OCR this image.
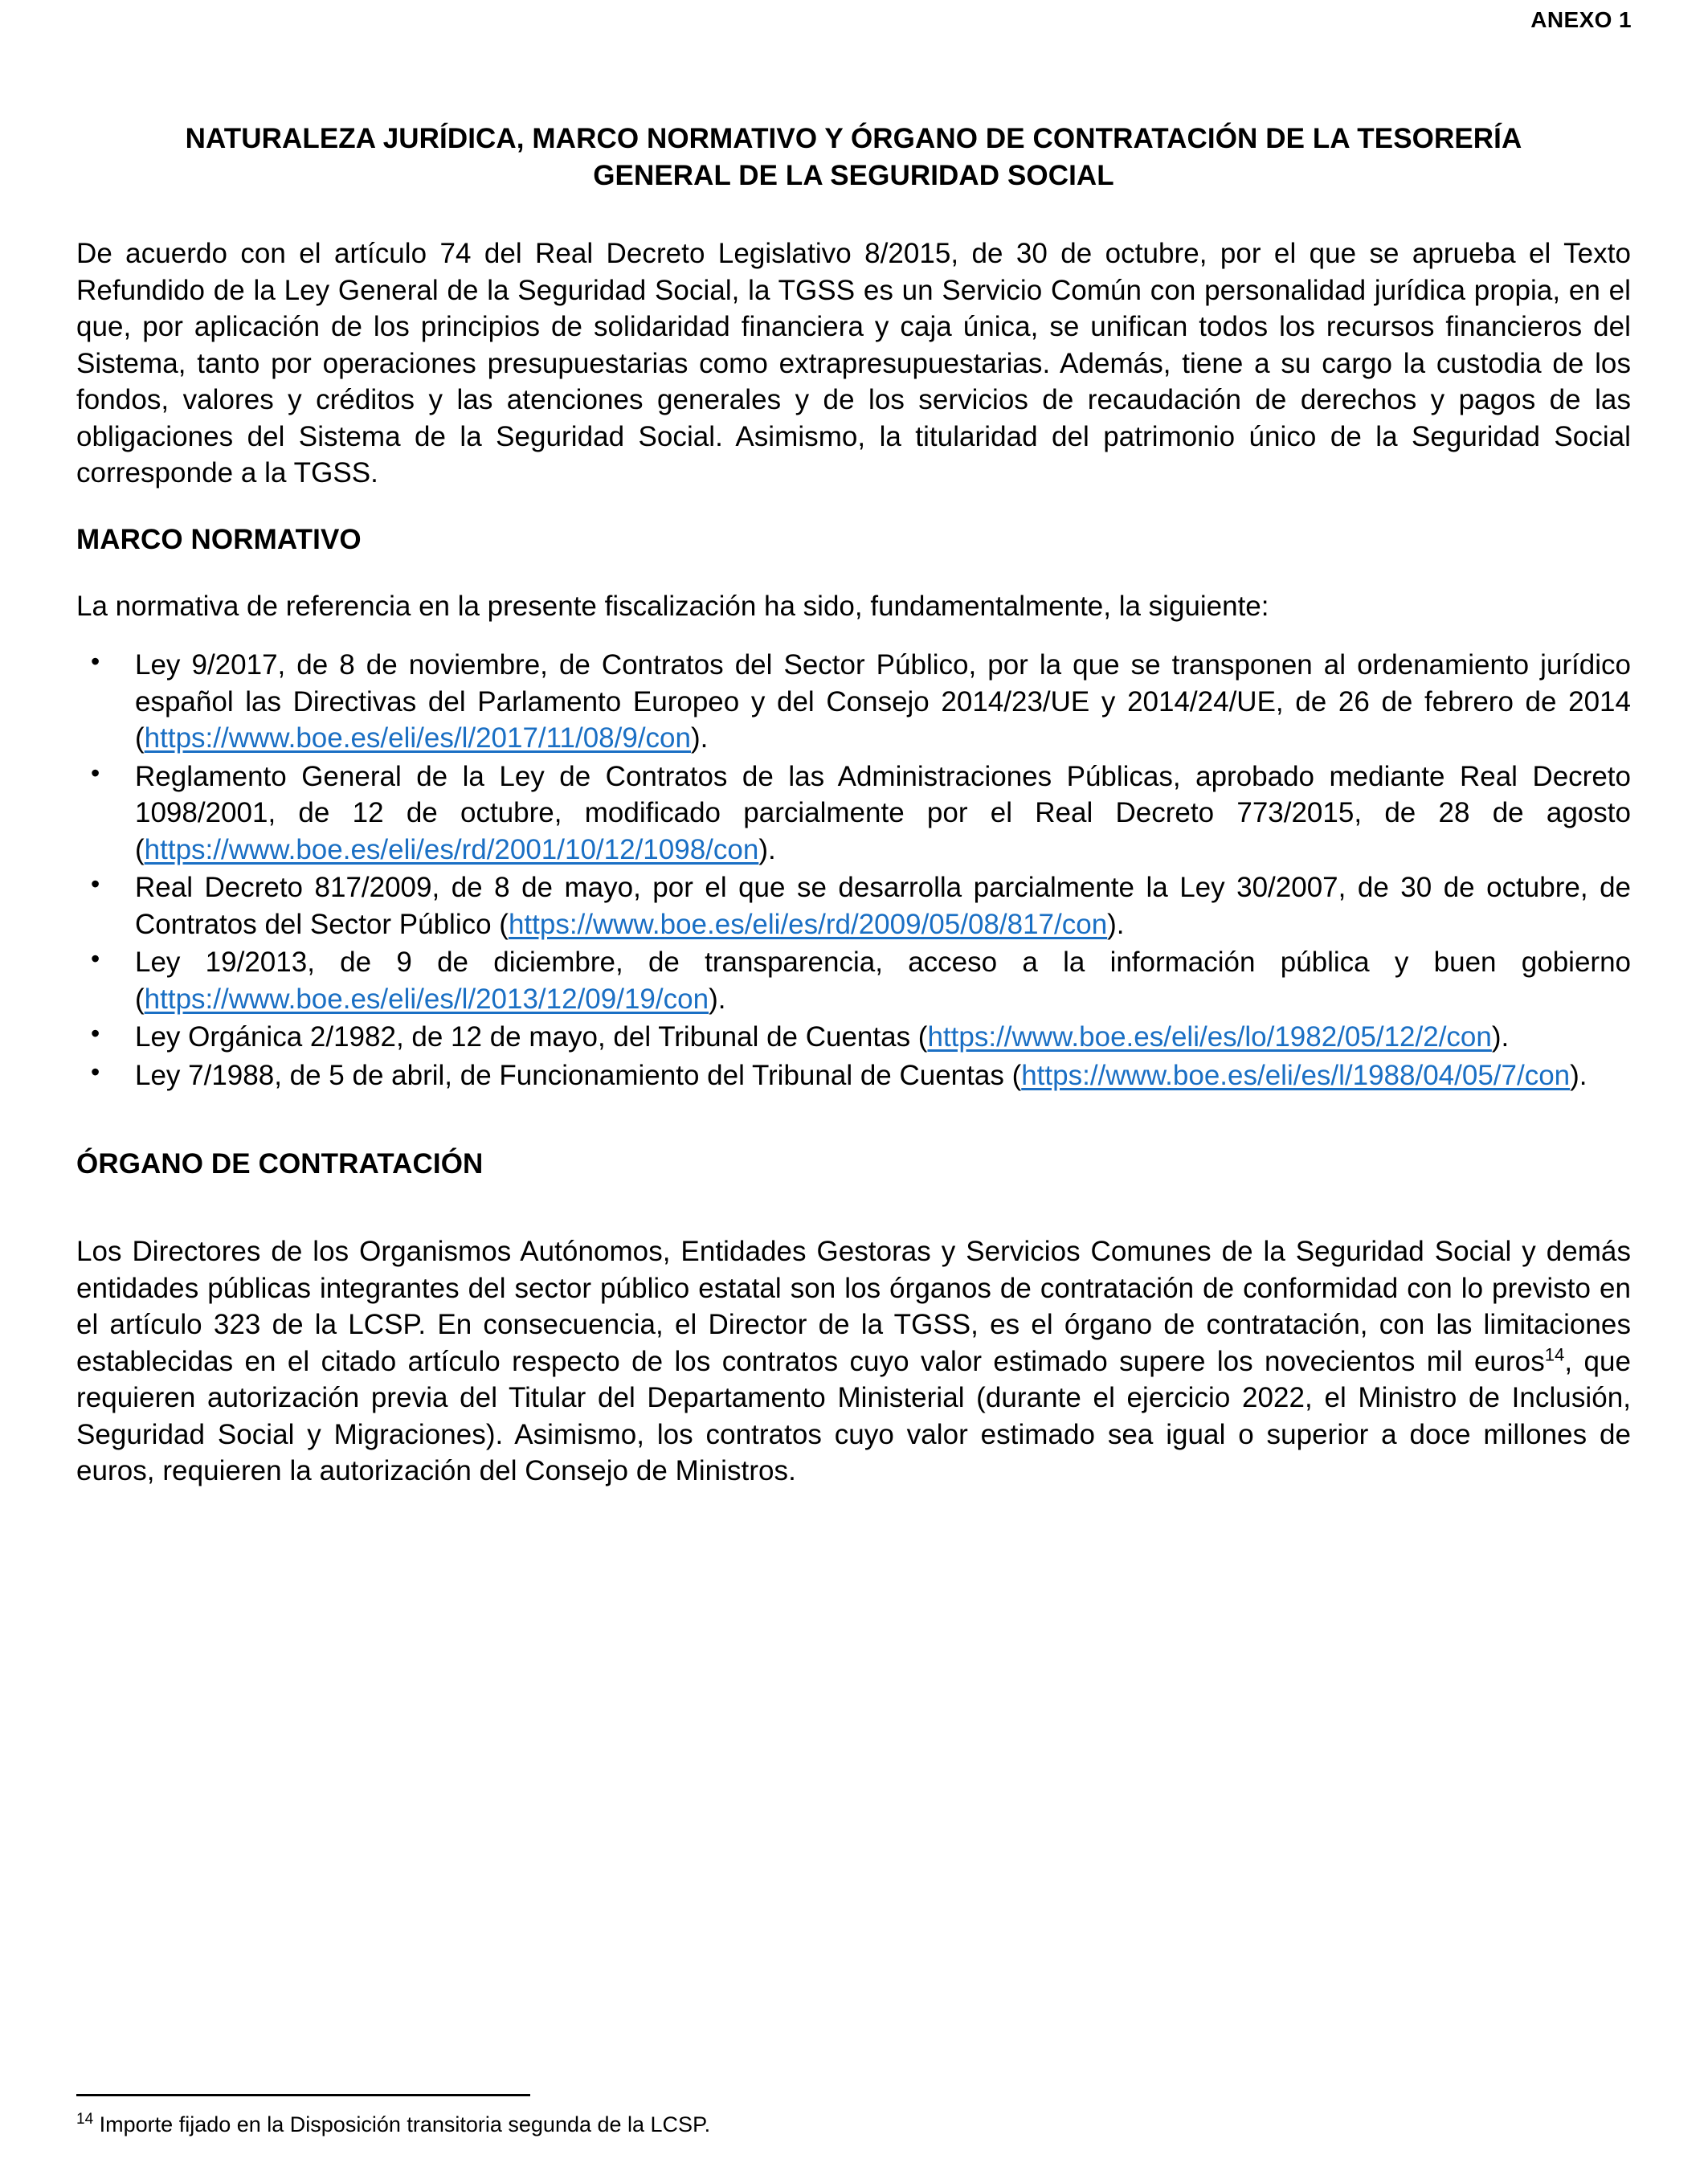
ANEXO 1
NATURALEZA JURÍDICA, MARCO NORMATIVO Y ÓRGANO DE CONTRATACIÓN DE LA TESORERÍA GENERAL DE LA SEGURIDAD SOCIAL

De acuerdo con el artículo 74 del Real Decreto Legislativo 8/2015, de 30 de octubre, por el que se aprueba el Texto Refundido de la Ley General de la Seguridad Social, la TGSS es un Servicio Común con personalidad jurídica propia, en el que, por aplicación de los principios de solidaridad financiera y caja única, se unifican todos los recursos financieros del Sistema, tanto por operaciones presupuestarias como extrapresupuestarias. Además, tiene a su cargo la custodia de los fondos, valores y créditos y las atenciones generales y de los servicios de recaudación de derechos y pagos de las obligaciones del Sistema de la Seguridad Social. Asimismo, la titularidad del patrimonio único de la Seguridad Social corresponde a la TGSS.

MARCO NORMATIVO

La normativa de referencia en la presente fiscalización ha sido, fundamentalmente, la siguiente:

• Ley 9/2017, de 8 de noviembre, de Contratos del Sector Público, por la que se transponen al ordenamiento jurídico español las Directivas del Parlamento Europeo y del Consejo 2014/23/UE y 2014/24/UE, de 26 de febrero de 2014 (https://www.boe.es/eli/es/l/2017/11/08/9/con).
• Reglamento General de la Ley de Contratos de las Administraciones Públicas, aprobado mediante Real Decreto 1098/2001, de 12 de octubre, modificado parcialmente por el Real Decreto 773/2015, de 28 de agosto (https://www.boe.es/eli/es/rd/2001/10/12/1098/con).
• Real Decreto 817/2009, de 8 de mayo, por el que se desarrolla parcialmente la Ley 30/2007, de 30 de octubre, de Contratos del Sector Público (https://www.boe.es/eli/es/rd/2009/05/08/817/con).
• Ley 19/2013, de 9 de diciembre, de transparencia, acceso a la información pública y buen gobierno (https://www.boe.es/eli/es/l/2013/12/09/19/con).
• Ley Orgánica 2/1982, de 12 de mayo, del Tribunal de Cuentas (https://www.boe.es/eli/es/lo/1982/05/12/2/con).
• Ley 7/1988, de 5 de abril, de Funcionamiento del Tribunal de Cuentas (https://www.boe.es/eli/es/l/1988/04/05/7/con).
ÓRGANO DE CONTRATACIÓN

Los Directores de los Organismos Autónomos, Entidades Gestoras y Servicios Comunes de la Seguridad Social y demás entidades públicas integrantes del sector público estatal son los órganos de contratación de conformidad con lo previsto en el artículo 323 de la LCSP. En consecuencia, el Director de la TGSS, es el órgano de contratación, con las limitaciones establecidas en el citado artículo respecto de los contratos cuyo valor estimado supere los novecientos mil euros$^{14}$, que requieren autorización previa del Titular del Departamento Ministerial (durante el ejercicio 2022, el Ministro de Inclusión, Seguridad Social y Migraciones). Asimismo, los contratos cuyo valor estimado sea igual o superior a doce millones de euros, requieren la autorización del Consejo de Ministros.

$^{14}$ Importe fijado en la Disposición transitoria segunda de la LCSP.
